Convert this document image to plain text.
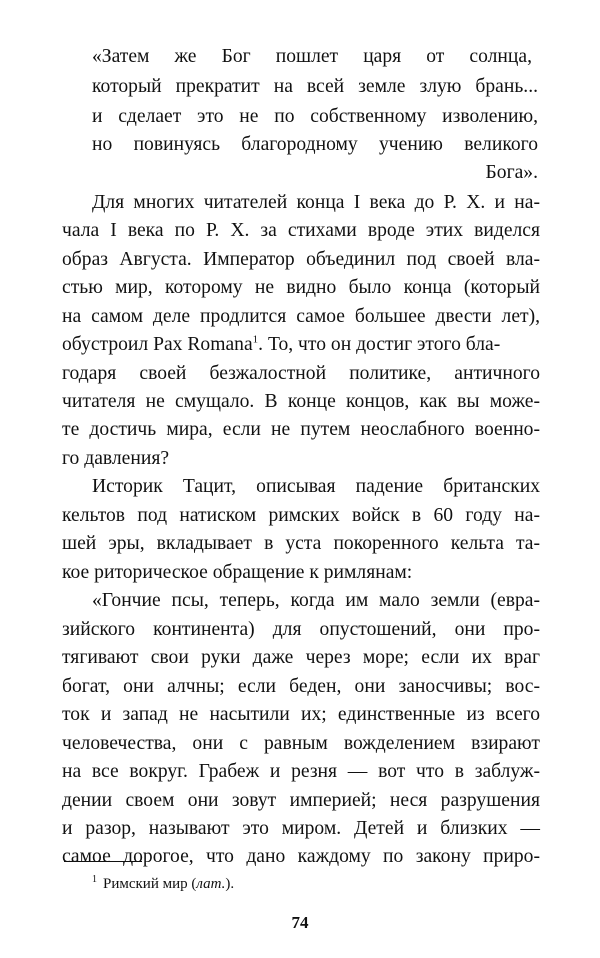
«Затем же Бог пошлет царя от солнца,
который прекратит на всей земле злую брань...
и сделает это не по собственному изволению,
но повинуясь благородному учению великого
Бога».
Для многих читателей конца I века до Р. Х. и на-
чала I века по Р. Х. за стихами вроде этих виделся
образ Августа. Император объединил под своей вла-
стью мир, которому не видно было конца (который
на самом деле продлится самое большее двести лет),
обустроил Pax Romana$^1$. То, что он достиг этого бла-
годаря своей безжалостной политике, античного
читателя не смущало. В конце концов, как вы може-
те достичь мира, если не путем неослабного военно-
го давления?
Историк Тацит, описывая падение британских
кельтов под натиском римских войск в 60 году на-
шей эры, вкладывает в уста покоренного кельта та-
кое риторическое обращение к римлянам:
«Гончие псы, теперь, когда им мало земли (евра-
зийского континента) для опустошений, они про-
тягивают свои руки даже через море; если их враг
богат, они алчны; если беден, они заносчивы; вос-
ток и запад не насытили их; единственные из всего
человечества, они с равным вожделением взирают
на все вокруг. Грабеж и резня — вот что в заблуж-
дении своем они зовут империей; неся разрушения
и разор, называют это миром. Детей и близких —
самое дорогое, что дано каждому по закону приро-
$^1$ Римский мир (лат.).
74
